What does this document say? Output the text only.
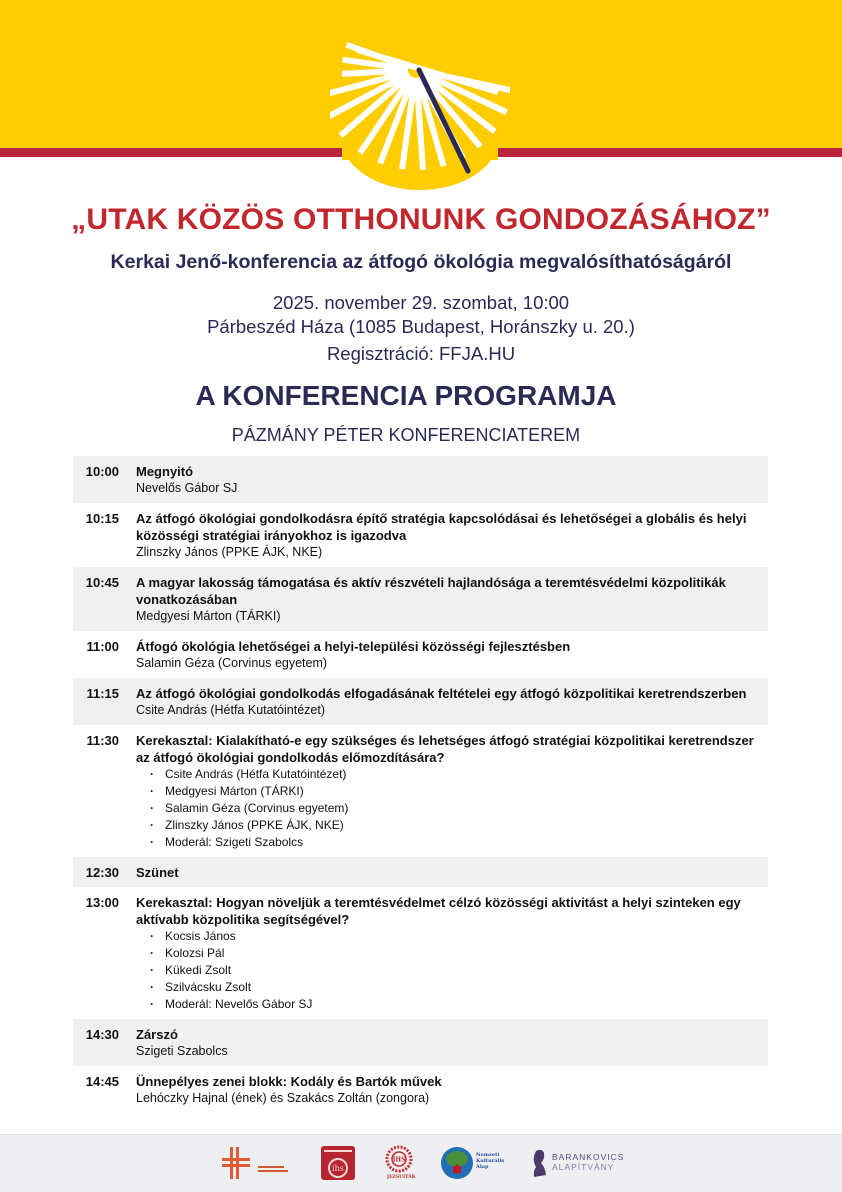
„UTAK KÖZÖS OTTHONUNK GONDOZÁSÁHOZ”
Kerkai Jenő-konferencia az átfogó ökológia megvalósíthatóságáról
2025. november 29. szombat, 10:00
Párbeszéd Háza (1085 Budapest, Horánszky u. 20.)
Regisztráció: FFJA.HU
A KONFERENCIA PROGRAMJA
PÁZMÁNY PÉTER KONFERENCIATEREM
10:00 Megnyitó
Nevelős Gábor SJ
10:15 Az átfogó ökológiai gondolkodásra építő stratégia kapcsolódásai és lehetőségei a globális és helyi közösségi stratégiai irányokhoz is igazodva
Zlinszky János (PPKE ÁJK, NKE)
10:45 A magyar lakosság támogatása és aktív részvételi hajlandósága a teremtésvédelmi közpolitikák vonatkozásában
Medgyesi Márton (TÁRKI)
11:00 Átfogó ökológia lehetőségei a helyi-települési közösségi fejlesztésben
Salamin Géza (Corvinus egyetem)
11:15 Az átfogó ökológiai gondolkodás elfogadásának feltételei egy átfogó közpolitikai keretrendszerben
Csite András (Hétfa Kutatóintézet)
11:30 Kerekasztal: Kialakítható-e egy szükséges és lehetséges átfogó stratégiai közpolitikai keretrendszer az átfogó ökológiai gondolkodás előmozdítására?
· Csite András (Hétfa Kutatóintézet)
· Medgyesi Márton (TÁRKI)
· Salamin Géza (Corvinus egyetem)
· Zlinszky János (PPKE ÁJK, NKE)
· Moderál: Szigeti Szabolcs
12:30 Szünet
13:00 Kerekasztal: Hogyan növeljük a teremtésvédelmet célzó közösségi aktivitást a helyi szinteken egy aktívabb közpolitika segítségével?
· Kocsis János
· Kolozsi Pál
· Kükedi Zsolt
· Szilvácsku Zsolt
· Moderál: Nevelős Gábor SJ
14:30 Zárszó
Szigeti Szabolcs
14:45 Ünnepélyes zenei blokk: Kodály és Bartók művek
Lehóczky Hajnal (ének) és Szakács Zoltán (zongora)
ihs
IHS
JEZSUITÁK
Nemzeti
Kulturális
Alap
BARANKOVICS
ALAPÍTVÁNY
